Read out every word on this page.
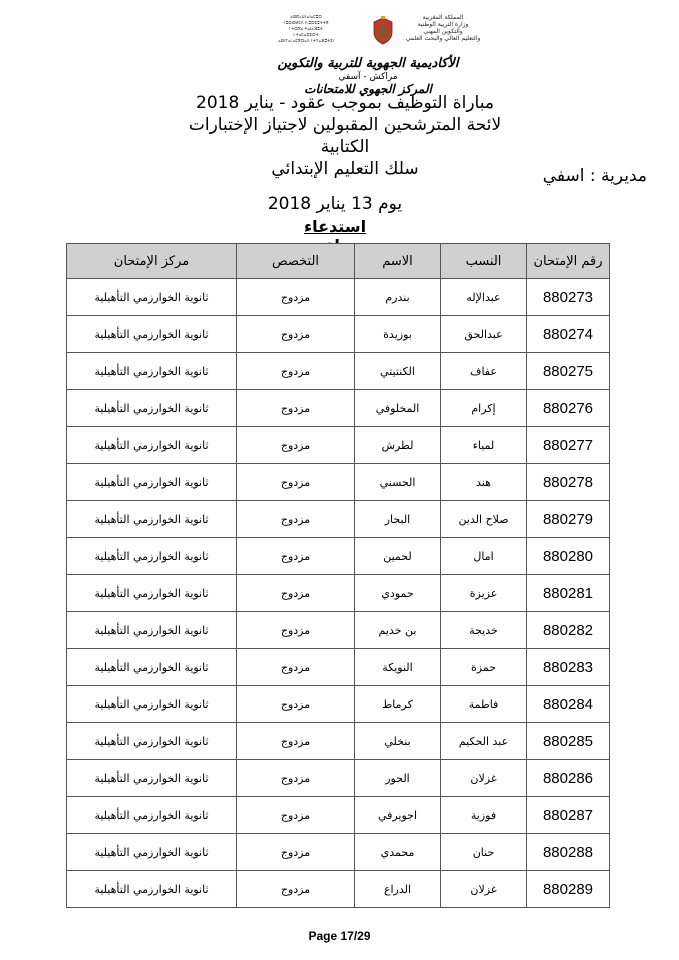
ⴰⵙⴽⴰⵡⵏ ⴰⵏⴰⵎⵓⵔ
ⵏ ⵓⵙⵙⵍⵎⴷ ⴷ ⵓⵙⵎⵓⵜⵜⴳ
ⵏ ⵜⵙⴳⴰ ⵜⴰⵏⴰⴼⵓⵜ
ⵏ ⵜⴰⵎⴰⵣⵉⵔⵜ
ⴰⵙⵏⵢⴰⵏ ⴰⵎⴳⵔⴰⴷ ⵏ ⵜⵢⴰⴼⵓⵜⵉⵏ
المملكة المغربية
وزارة التربية الوطنية
والتكوين المهني
والتعليم العالي والبحث العلمي
الأكاديمية الجهوية للتربية والتكوين
مراكش - آسفي
المركز الجهوي للامتحانات
مباراة التوظيف بموجب عقود - يناير 2018
لائحة المترشحين المقبولين لاجتياز الإختبارات الكتابية
سلك التعليم الإبتدائي	مديرية : اسفي
يوم 13 يناير 2018
استدعاء
رقم الإمتحان	النسب	الاسم	التخصص	مركز الإمتحان
880273	عبدالإله	بندرم	مزدوج	ثانوية الخوارزمي التأهيلية
880274	عبدالحق	بوزيدة	مزدوج	ثانوية الخوارزمي التأهيلية
880275	عفاف	الكنتيتي	مزدوج	ثانوية الخوارزمي التأهيلية
880276	إكرام	المخلوفي	مزدوج	ثانوية الخوارزمي التأهيلية
880277	لمياء	لطرش	مزدوج	ثانوية الخوارزمي التأهيلية
880278	هند	الحسني	مزدوج	ثانوية الخوارزمي التأهيلية
880279	صلاح الدين	البحار	مزدوج	ثانوية الخوارزمي التأهيلية
880280	امال	لحمين	مزدوج	ثانوية الخوارزمي التأهيلية
880281	عزيزة	حمودي	مزدوج	ثانوية الخوارزمي التأهيلية
880282	خديجة	بن خديم	مزدوج	ثانوية الخوارزمي التأهيلية
880283	حمزة	النويكة	مزدوج	ثانوية الخوارزمي التأهيلية
880284	فاطمة	كرماط	مزدوج	ثانوية الخوارزمي التأهيلية
880285	عبد الحكيم	بنخلي	مزدوج	ثانوية الخوارزمي التأهيلية
880286	غزلان	الحور	مزدوج	ثانوية الخوارزمي التأهيلية
880287	فوزية	اجويرفي	مزدوج	ثانوية الخوارزمي التأهيلية
880288	حنان	محمدي	مزدوج	ثانوية الخوارزمي التأهيلية
880289	غزلان	الدراع	مزدوج	ثانوية الخوارزمي التأهيلية
Page 17/29
